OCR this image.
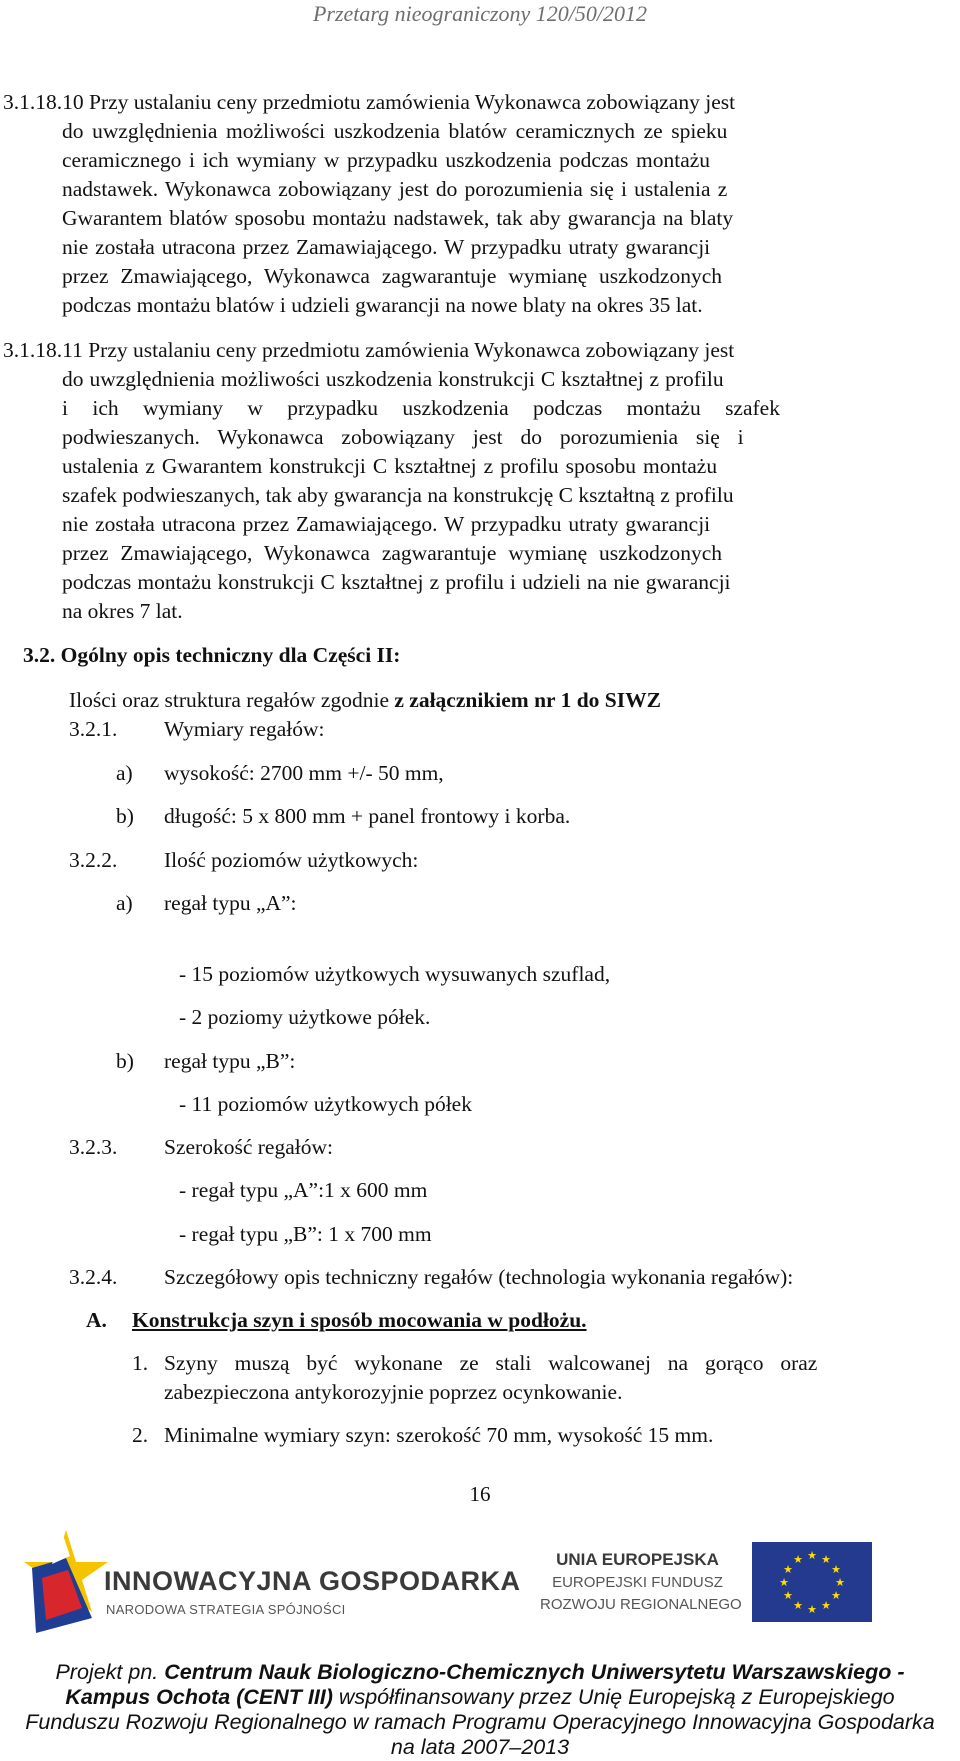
Przetarg nieograniczony 120/50/2012
3.1.18.10 Przy ustalaniu ceny przedmiotu zamówienia Wykonawca zobowiązany jest
do uwzględnienia możliwości uszkodzenia blatów ceramicznych ze spieku
ceramicznego i ich wymiany w przypadku uszkodzenia podczas montażu
nadstawek. Wykonawca zobowiązany jest do porozumienia się i ustalenia z
Gwarantem blatów sposobu montażu nadstawek, tak aby gwarancja na blaty
nie została utracona przez Zamawiającego. W przypadku utraty gwarancji
przez Zmawiającego, Wykonawca zagwarantuje wymianę uszkodzonych
podczas montażu blatów i udzieli gwarancji na nowe blaty na okres 35 lat.
3.1.18.11 Przy ustalaniu ceny przedmiotu zamówienia Wykonawca zobowiązany jest
do uwzględnienia możliwości uszkodzenia konstrukcji C kształtnej z profilu
i ich wymiany w przypadku uszkodzenia podczas montażu szafek
podwieszanych. Wykonawca zobowiązany jest do porozumienia się i
ustalenia z Gwarantem konstrukcji C kształtnej z profilu sposobu montażu
szafek podwieszanych, tak aby gwarancja na konstrukcję C kształtną z profilu
nie została utracona przez Zamawiającego. W przypadku utraty gwarancji
przez Zmawiającego, Wykonawca zagwarantuje wymianę uszkodzonych
podczas montażu konstrukcji C kształtnej z profilu i udzieli na nie gwarancji
na okres 7 lat.
3.2. Ogólny opis techniczny dla Części II:
Ilości oraz struktura regałów zgodnie z załącznikiem nr 1 do SIWZ
3.2.1. Wymiary regałów:
a) wysokość: 2700 mm +/- 50 mm,
b) długość: 5 x 800 mm + panel frontowy i korba.
3.2.2. Ilość poziomów użytkowych:
a) regał typu „A”:
- 15 poziomów użytkowych wysuwanych szuflad,
- 2 poziomy użytkowe półek.
b) regał typu „B”:
- 11 poziomów użytkowych półek
3.2.3. Szerokość regałów:
- regał typu „A”:1 x 600 mm
- regał typu „B”: 1 x 700 mm
3.2.4. Szczegółowy opis techniczny regałów (technologia wykonania regałów):
A. Konstrukcja szyn i sposób mocowania w podłożu.
1. Szyny muszą być wykonane ze stali walcowanej na gorąco oraz
zabezpieczona antykorozyjnie poprzez ocynkowanie.
2. Minimalne wymiary szyn: szerokość 70 mm, wysokość 15 mm.
16
INNOWACYJNA GOSPODARKA
NARODOWA STRATEGIA SPÓJNOŚCI
UNIA EUROPEJSKA
EUROPEJSKI FUNDUSZ
ROZWOJU REGIONALNEGO
★ ★
★
★
★
★
★
★
★
★
★
★
Projekt pn. Centrum Nauk Biologiczno-Chemicznych Uniwersytetu Warszawskiego -
Kampus Ochota (CENT III) współfinansowany przez Unię Europejską z Europejskiego
Funduszu Rozwoju Regionalnego w ramach Programu Operacyjnego Innowacyjna Gospodarka
na lata 2007–2013
